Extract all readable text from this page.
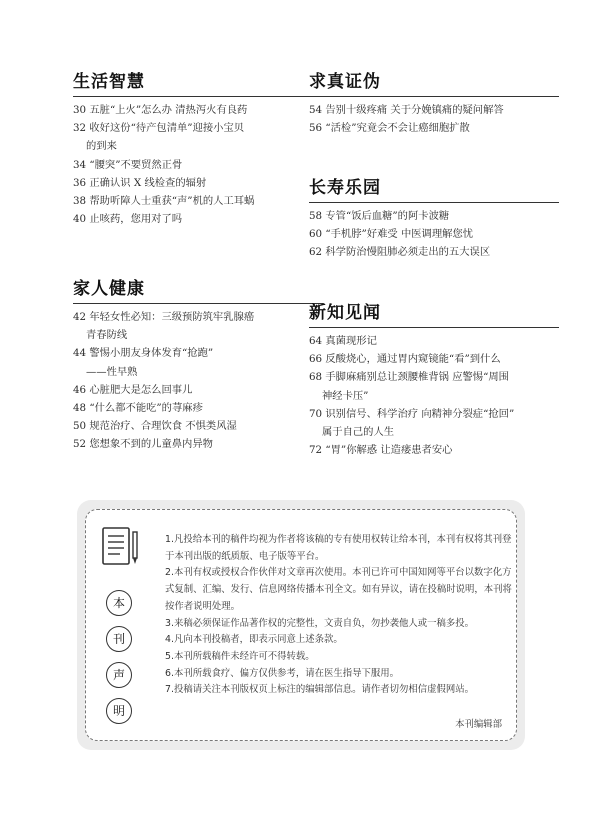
生活智慧
30 五脏“上火”怎么办 清热泻火有良药
32 收好这份“待产包清单”迎接小宝贝
的到来
34 “腰突”不要贸然正骨
36 正确认识 X 线检查的辐射
38 帮助听障人士重获“声”机的人工耳蜗
40 止咳药，您用对了吗
家人健康
42 年轻女性必知：三级预防筑牢乳腺癌
青春防线
44 警惕小朋友身体发育“抢跑”
——性早熟
46 心脏肥大是怎么回事儿
48 “什么都不能吃”的荨麻疹
50 规范治疗、合理饮食 不惧类风湿
52 您想象不到的儿童鼻内异物
求真证伪
54 告别十级疼痛 关于分娩镇痛的疑问解答
56 “活检”究竟会不会让癌细胞扩散
长寿乐园
58 专管“饭后血糖”的阿卡波糖
60 “手机脖”好难受 中医调理解您忧
62 科学防治慢阻肺必须走出的五大误区
新知见闻
64 真菌现形记
66 反酸烧心，通过胃内窥镜能“看”到什么
68 手脚麻痛别总让颈腰椎背锅 应警惕“周围
神经卡压”
70 识别信号、科学治疗 向精神分裂症“抢回”
属于自己的人生
72 “胃”你解惑 让造瘘患者安心
本
刊
声
明

1.凡投给本刊的稿件均视为作者将该稿的专有使用权转让给本刊，本刊有权将其刊登于本刊出版的纸质版、电子版等平台。

2.本刊有权或授权合作伙伴对文章再次使用。本刊已许可中国知网等平台以数字化方式复制、汇编、发行、信息网络传播本刊全文。如有异议，请在投稿时说明，本刊将按作者说明处理。

3.来稿必须保证作品著作权的完整性，文责自负，勿抄袭他人或一稿多投。

4.凡向本刊投稿者，即表示同意上述条款。

5.本刊所载稿件未经许可不得转载。

6.本刊所载食疗、偏方仅供参考，请在医生指导下服用。

7.投稿请关注本刊版权页上标注的编辑部信息。请作者切勿相信虚假网站。

本刊编辑部
